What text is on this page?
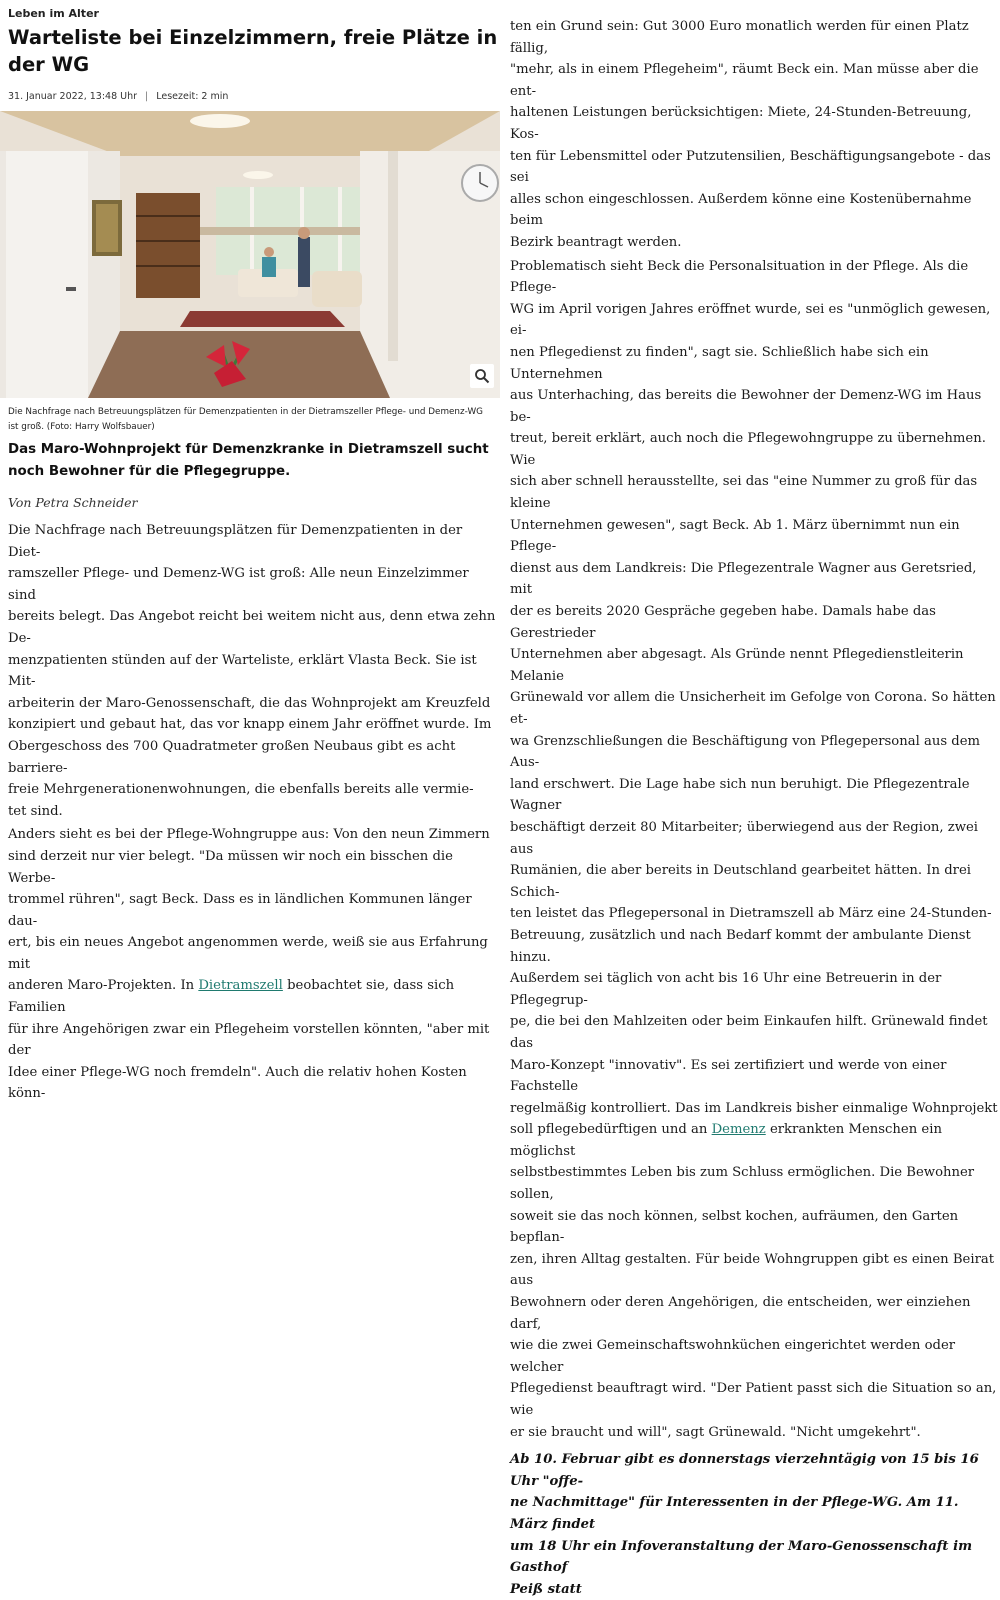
Leben im Alter
Warteliste bei Einzelzimmern, freie Plätze in der WG
31. Januar 2022, 13:48 Uhr | Lesezeit: 2 min

Die Nachfrage nach Betreuungsplätzen für Demenzpatienten in der Dietramszeller Pflege- und Demenz-WG ist groß. (Foto: Harry Wolfsbauer)

Das Maro-Wohnprojekt für Demenzkranke in Dietramszell sucht noch Bewohner für die Pflegegruppe.

Von Petra Schneider

Die Nachfrage nach Betreuungsplätzen für Demenzpatienten in der Diet-
ramszeller Pflege- und Demenz-WG ist groß: Alle neun Einzelzimmer sind
bereits belegt. Das Angebot reicht bei weitem nicht aus, denn etwa zehn De-
menzpatienten stünden auf der Warteliste, erklärt Vlasta Beck. Sie ist Mit-
arbeiterin der Maro-Genossenschaft, die das Wohnprojekt am Kreuzfeld
konzipiert und gebaut hat, das vor knapp einem Jahr eröffnet wurde. Im
Obergeschoss des 700 Quadratmeter großen Neubaus gibt es acht barriere-
freie Mehrgenerationenwohnungen, die ebenfalls bereits alle vermie-
tet sind.

Anders sieht es bei der Pflege-Wohngruppe aus: Von den neun Zimmern
sind derzeit nur vier belegt. "Da müssen wir noch ein bisschen die Werbe-
trommel rühren", sagt Beck. Dass es in ländlichen Kommunen länger dau-
ert, bis ein neues Angebot angenommen werde, weiß sie aus Erfahrung mit
anderen Maro-Projekten. In Dietramszell beobachtet sie, dass sich Familien
für ihre Angehörigen zwar ein Pflegeheim vorstellen könnten, "aber mit der
Idee einer Pflege-WG noch fremdeln". Auch die relativ hohen Kosten könn-

ten ein Grund sein: Gut 3000 Euro monatlich werden für einen Platz fällig,
"mehr, als in einem Pflegeheim", räumt Beck ein. Man müsse aber die ent-
haltenen Leistungen berücksichtigen: Miete, 24-Stunden-Betreuung, Kos-
ten für Lebensmittel oder Putzutensilien, Beschäftigungsangebote - das sei
alles schon eingeschlossen. Außerdem könne eine Kostenübernahme beim
Bezirk beantragt werden.

Problematisch sieht Beck die Personalsituation in der Pflege. Als die Pflege-
WG im April vorigen Jahres eröffnet wurde, sei es "unmöglich gewesen, ei-
nen Pflegedienst zu finden", sagt sie. Schließlich habe sich ein Unternehmen
aus Unterhaching, das bereits die Bewohner der Demenz-WG im Haus be-
treut, bereit erklärt, auch noch die Pflegewohngruppe zu übernehmen. Wie
sich aber schnell herausstellte, sei das "eine Nummer zu groß für das kleine
Unternehmen gewesen", sagt Beck. Ab 1. März übernimmt nun ein Pflege-
dienst aus dem Landkreis: Die Pflegezentrale Wagner aus Geretsried, mit
der es bereits 2020 Gespräche gegeben habe. Damals habe das Gerestrieder
Unternehmen aber abgesagt. Als Gründe nennt Pflegedienstleiterin Melanie
Grünewald vor allem die Unsicherheit im Gefolge von Corona. So hätten et-
wa Grenzschließungen die Beschäftigung von Pflegepersonal aus dem Aus-
land erschwert. Die Lage habe sich nun beruhigt. Die Pflegezentrale Wagner
beschäftigt derzeit 80 Mitarbeiter; überwiegend aus der Region, zwei aus
Rumänien, die aber bereits in Deutschland gearbeitet hätten. In drei Schich-
ten leistet das Pflegepersonal in Dietramszell ab März eine 24-Stunden-
Betreuung, zusätzlich und nach Bedarf kommt der ambulante Dienst hinzu.
Außerdem sei täglich von acht bis 16 Uhr eine Betreuerin in der Pflegegrup-
pe, die bei den Mahlzeiten oder beim Einkaufen hilft. Grünewald findet das
Maro-Konzept "innovativ". Es sei zertifiziert und werde von einer Fachstelle
regelmäßig kontrolliert. Das im Landkreis bisher einmalige Wohnprojekt
soll pflegebedürftigen und an Demenz erkrankten Menschen ein möglichst
selbstbestimmtes Leben bis zum Schluss ermöglichen. Die Bewohner sollen,
soweit sie das noch können, selbst kochen, aufräumen, den Garten bepflan-
zen, ihren Alltag gestalten. Für beide Wohngruppen gibt es einen Beirat aus
Bewohnern oder deren Angehörigen, die entscheiden, wer einziehen darf,
wie die zwei Gemeinschaftswohnküchen eingerichtet werden oder welcher
Pflegedienst beauftragt wird. "Der Patient passt sich die Situation so an, wie
er sie braucht und will", sagt Grünewald. "Nicht umgekehrt".

Ab 10. Februar gibt es donnerstags vierzehntägig von 15 bis 16 Uhr "offe-
ne Nachmittage" für Interessenten in der Pflege-WG. Am 11. März findet
um 18 Uhr ein Infoveranstaltung der Maro-Genossenschaft im Gasthof
Peiß statt
